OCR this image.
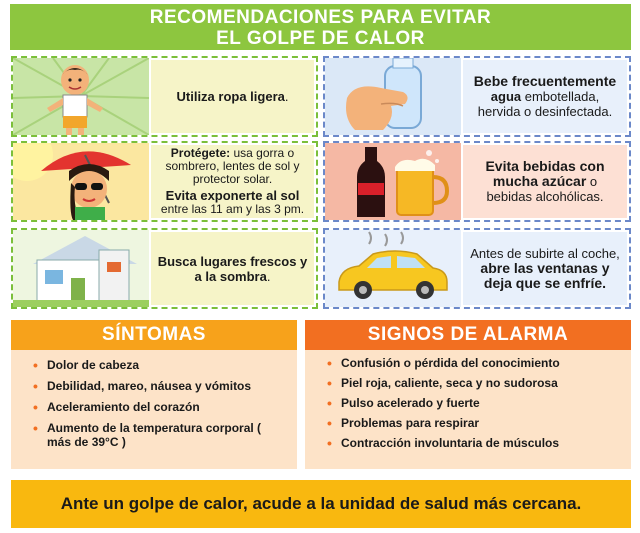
RECOMENDACIONES PARA EVITAR
EL GOLPE DE CALOR
Utiliza ropa ligera.
Protégete: usa gorra o sombrero, lentes de sol y protector solar.
Evita exponerte al sol entre las 11 am y las 3 pm.
Busca lugares frescos y a la sombra.
Bebe frecuentemente
agua embotellada, hervida o desinfectada.
Evita bebidas con mucha azúcar o bebidas alcohólicas.
Antes de subirte al coche, abre las ventanas y deja que se enfríe.
SÍNTOMAS
• Dolor de cabeza
• Debilidad, mareo, náusea y vómitos
• Aceleramiento del corazón
• Aumento de la temperatura corporal ( más de 39°C )
SIGNOS DE ALARMA
• Confusión o pérdida del conocimiento
• Piel roja, caliente, seca y no sudorosa
• Pulso acelerado y fuerte
• Problemas para respirar
• Contracción involuntaria de músculos
Ante un golpe de calor, acude a la unidad de salud más cercana.
